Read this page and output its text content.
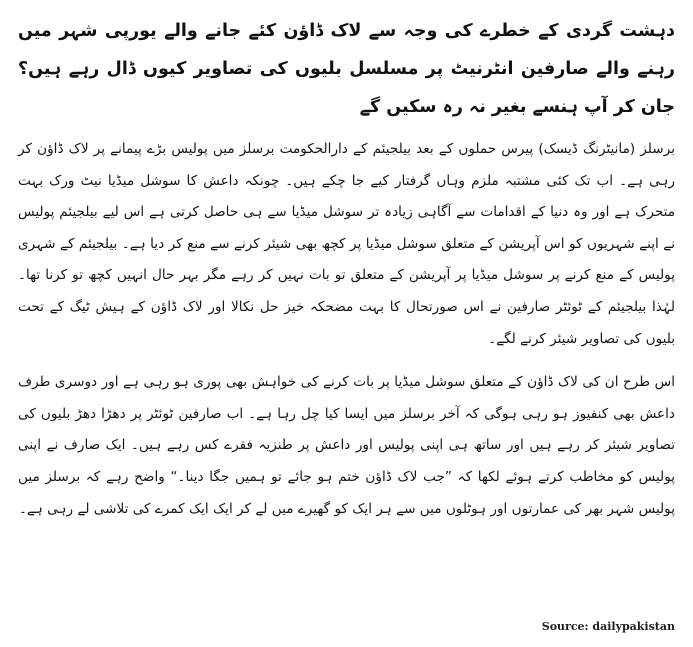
دہشت گردی کے خطرے کی وجہ سے لاک ڈاؤن کئے جانے والے یورپی شہر میں رہنے والے صارفین انٹرنیٹ پر مسلسل بلیوں کی تصاویر کیوں ڈال رہے ہیں؟ جان کر آپ ہنسے بغیر نہ رہ سکیں گے

برسلز (مانیٹرنگ ڈیسک) پیرس حملوں کے بعد بیلجیئم کے دارالحکومت برسلز میں پولیس بڑے پیمانے پر لاک ڈاؤن کر رہی ہے۔ اب تک کئی مشتبہ ملزم وہاں گرفتار کیے جا چکے ہیں۔ چونکہ داعش کا سوشل میڈیا نیٹ ورک بہت متحرک ہے اور وہ دنیا کے اقدامات سے آگاہی زیادہ تر سوشل میڈیا سے ہی حاصل کرتی ہے اس لیے بیلجیئم پولیس نے اپنے شہریوں کو اس آپریشن کے متعلق سوشل میڈیا پر کچھ بھی شیئر کرنے سے منع کر دیا ہے۔ بیلجیئم کے شہری پولیس کے منع کرنے پر سوشل میڈیا پر آپریشن کے متعلق تو بات نہیں کر رہے مگر بہر حال انہیں کچھ تو کرنا تھا۔ لہٰذا بیلجیئم کے ٹوئٹر صارفین نے اس صورتحال کا بہت مضحکہ خیز حل نکالا اور لاک ڈاؤن کے ہیش ٹیگ کے تحت بلیوں کی تصاویر شیئر کرنے لگے۔

اس طرح ان کی لاک ڈاؤن کے متعلق سوشل میڈیا پر بات کرنے کی خواہش بھی پوری ہو رہی ہے اور دوسری طرف داعش بھی کنفیوز ہو رہی ہوگی کہ آخر برسلز میں ایسا کیا چل رہا ہے۔ اب صارفین ٹوئٹر پر دھڑا دھڑ بلیوں کی تصاویر شیئر کر رہے ہیں اور ساتھ ہی اپنی پولیس اور داعش پر طنزیہ فقرے کس رہے ہیں۔ ایک صارف نے اپنی پولیس کو مخاطب کرتے ہوئے لکھا کہ ”جب لاک ڈاؤن ختم ہو جائے تو ہمیں جگا دینا۔“ واضح رہے کہ برسلز میں پولیس شہر بھر کی عمارتوں اور ہوٹلوں میں سے ہر ایک کو گھیرے میں لے کر ایک ایک کمرے کی تلاشی لے رہی ہے۔

Source: dailypakistan
